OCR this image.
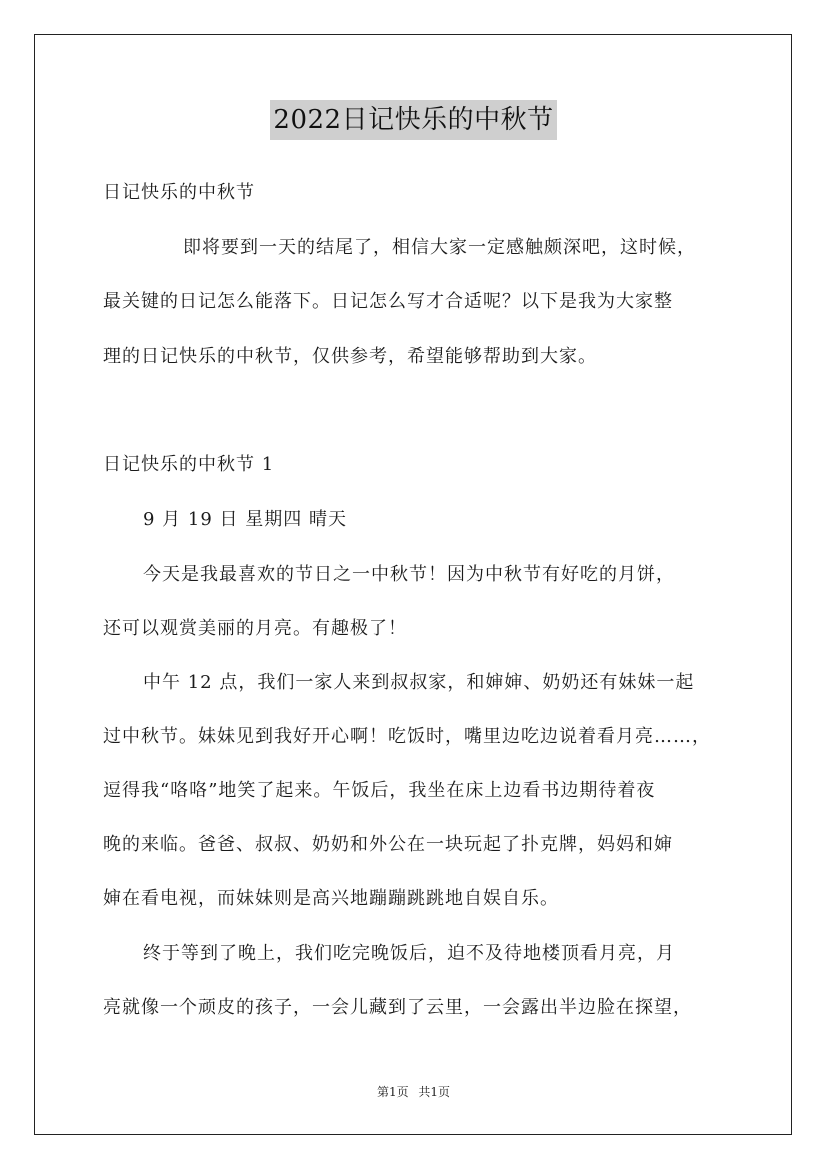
2022日记快乐的中秋节
日记快乐的中秋节
即将要到一天的结尾了，相信大家一定感触颇深吧，这时候，
最关键的日记怎么能落下。日记怎么写才合适呢？以下是我为大家整
理的日记快乐的中秋节，仅供参考，希望能够帮助到大家。
日记快乐的中秋节 1
9 月 19 日 星期四 晴天
今天是我最喜欢的节日之一中秋节！因为中秋节有好吃的月饼，
还可以观赏美丽的月亮。有趣极了！
中午 12 点，我们一家人来到叔叔家，和婶婶、奶奶还有妹妹一起
过中秋节。妹妹见到我好开心啊！吃饭时，嘴里边吃边说着看月亮……，
逗得我“咯咯”地笑了起来。午饭后，我坐在床上边看书边期待着夜
晚的来临。爸爸、叔叔、奶奶和外公在一块玩起了扑克牌，妈妈和婶
婶在看电视，而妹妹则是高兴地蹦蹦跳跳地自娱自乐。
终于等到了晚上，我们吃完晚饭后，迫不及待地楼顶看月亮，月
亮就像一个顽皮的孩子，一会儿藏到了云里，一会露出半边脸在探望，
第1页 共1页
